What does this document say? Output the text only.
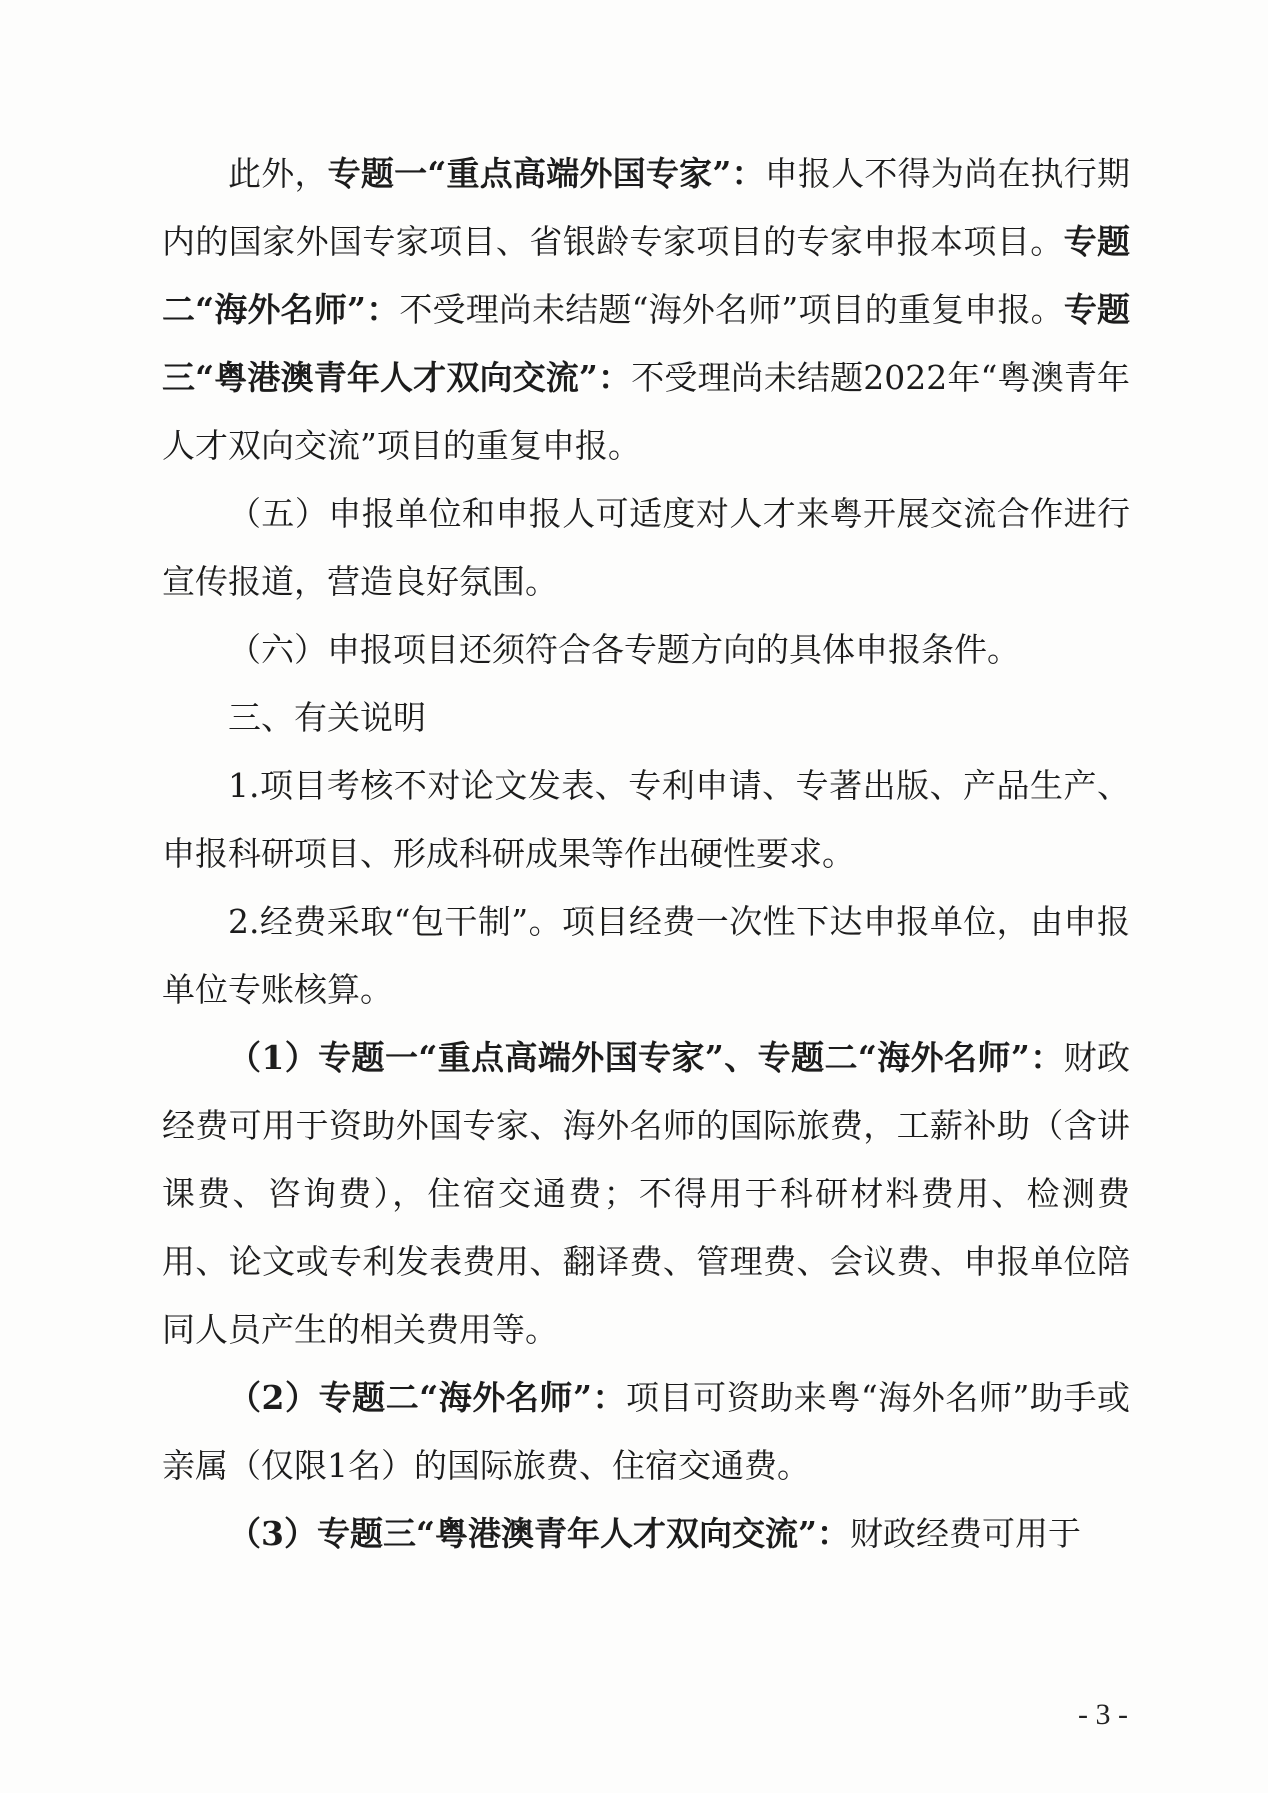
此外，专题一“重点高端外国专家”：申报人不得为尚在执行期内的国家外国专家项目、省银龄专家项目的专家申报本项目。专题二“海外名师”：不受理尚未结题“海外名师”项目的重复申报。专题三“粤港澳青年人才双向交流”：不受理尚未结题2022年“粤澳青年人才双向交流”项目的重复申报。

（五）申报单位和申报人可适度对人才来粤开展交流合作进行宣传报道，营造良好氛围。

（六）申报项目还须符合各专题方向的具体申报条件。

三、有关说明

1.项目考核不对论文发表、专利申请、专著出版、产品生产、申报科研项目、形成科研成果等作出硬性要求。

2.经费采取“包干制”。项目经费一次性下达申报单位，由申报单位专账核算。

（1）专题一“重点高端外国专家”、专题二“海外名师”：财政经费可用于资助外国专家、海外名师的国际旅费，工薪补助（含讲课费、咨询费），住宿交通费；不得用于科研材料费用、检测费用、论文或专利发表费用、翻译费、管理费、会议费、申报单位陪同人员产生的相关费用等。

（2）专题二“海外名师”：项目可资助来粤“海外名师”助手或亲属（仅限1名）的国际旅费、住宿交通费。

（3）专题三“粤港澳青年人才双向交流”：财政经费可用于

- 3 -
